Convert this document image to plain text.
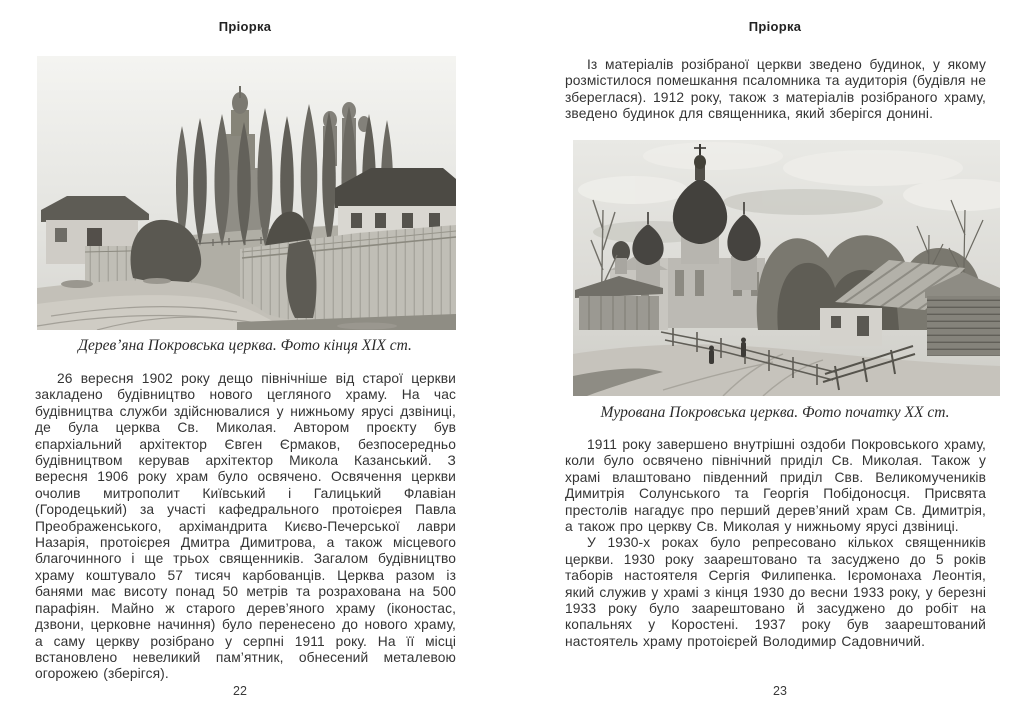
Пріорка
Дерев’яна Покровська церква. Фото кінця XIX ст.

26 вересня 1902 року дещо північніше від старої церкви закладено будівництво нового цегляного храму. На час будівництва служби здійснювалися у нижньому ярусі дзвіниці, де була церква Св. Миколая. Автором проєкту був єпархіальний архітектор Євген Єрмаков, безпосередньо будівництвом керував архітектор Микола Казанський. З вересня 1906 року храм було освячено. Освячення церкви очолив митрополит Київський і Галицький Флавіан (Городецький) за участі кафедрального протоієрея Павла Преображенського, архімандрита Києво-Печерської лаври Назарія, протоієрея Дмитра Димитрова, а також місцевого благочинного і ще трьох священників. Загалом будівництво храму коштувало 57 тисяч карбованців. Церква разом із банями має висоту понад 50 метрів та розрахована на 500 парафіян. Майно ж старого дерев’яного храму (іконостас, дзвони, церковне начиння) було перенесено до нового храму, а саму церкву розібрано у серпні 1911 року. На її місці встановлено невеликий пам’ятник, обнесений металевою огорожею (зберігся).

22
Пріорка

Із матеріалів розібраної церкви зведено будинок, у якому розмістилося помешкання псаломника та аудиторія (будівля не збереглася). 1912 року, також з матеріалів розібраного храму, зведено будинок для священника, який зберігся донині.

Мурована Покровська церква. Фото початку XX ст.

1911 року завершено внутрішні оздоби Покровського храму, коли було освячено північний приділ Св. Миколая. Також у храмі влаштовано південний приділ Свв. Великомучеників Димитрія Солунського та Георгія Побідоносця. Присвята престолів нагадує про перший дерев’яний храм Св. Димитрія, а також про церкву Св. Миколая у нижньому ярусі дзвіниці.

У 1930-х роках було репресовано кількох священників церкви. 1930 року заарештовано та засуджено до 5 років таборів настоятеля Сергія Филипенка. Ієромонаха Леонтія, який служив у храмі з кінця 1930 до весни 1933 року, у березні 1933 року було заарештовано й засуджено до робіт на копальнях у Коростені. 1937 року був заарештований настоятель храму протоієрей Володимир Садовничий.

23
